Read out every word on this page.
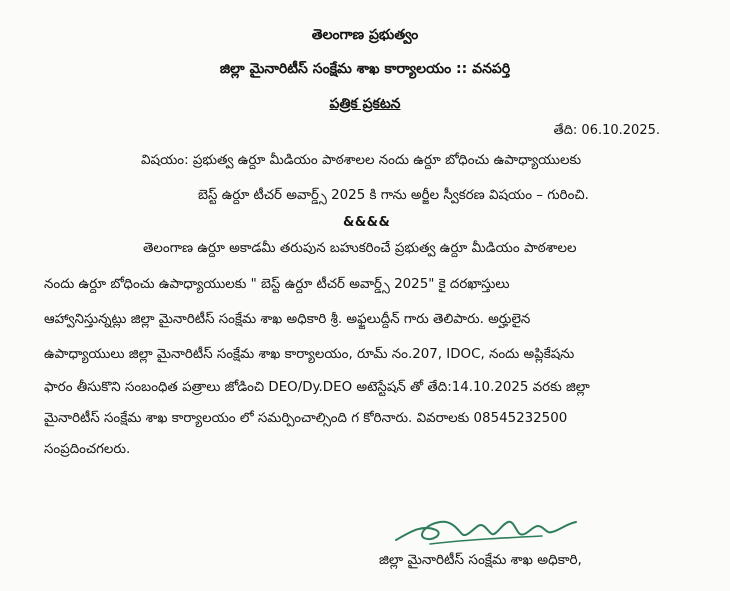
తెలంగాణ ప్రభుత్వం
జిల్లా మైనారిటీస్ సంక్షేమ శాఖ కార్యాలయం :: వనపర్తి
పత్రిక ప్రకటన
తేది: 06.10.2025.
విషయం: ప్రభుత్వ ఉర్దూ మీడియం పాఠశాలల నందు ఉర్దూ బోధించు ఉపాధ్యాయులకు
బెస్ట్ ఉర్దూ టీచర్ అవార్డ్స్ 2025 కి గాను అర్జీల స్వీకరణ విషయం – గురించి.
&&&&
తెలంగాణ ఉర్దూ అకాడమీ తరుపున బహుకరించే ప్రభుత్వ ఉర్దూ మీడియం పాఠశాలల
నందు ఉర్దూ బోధించు ఉపాధ్యాయులకు " బెస్ట్ ఉర్దూ టీచర్ అవార్డ్స్ 2025" కై దరఖాస్తులు
ఆహ్వానిస్తున్నట్లు జిల్లా మైనారిటీస్ సంక్షేమ శాఖ అధికారి శ్రీ. అఫ్జలుద్దీన్ గారు తెలిపారు. అర్హులైన
ఉపాధ్యాయులు జిల్లా మైనారిటీస్ సంక్షేమ శాఖ కార్యాలయం, రూమ్ నం.207, IDOC, నందు అప్లికేషను
ఫారం తీసుకొని సంబంధిత పత్రాలు జోడించి DEO/Dy.DEO అటెస్టేషన్ తో తేది:14.10.2025 వరకు జిల్లా
మైనారిటీస్ సంక్షేమ శాఖ కార్యాలయం లో సమర్పించాల్సింది గ కోరినారు. వివరాలకు 08545232500
సంప్రదించగలరు.
జిల్లా మైనారిటీస్ సంక్షేమ శాఖ అధికారి,
